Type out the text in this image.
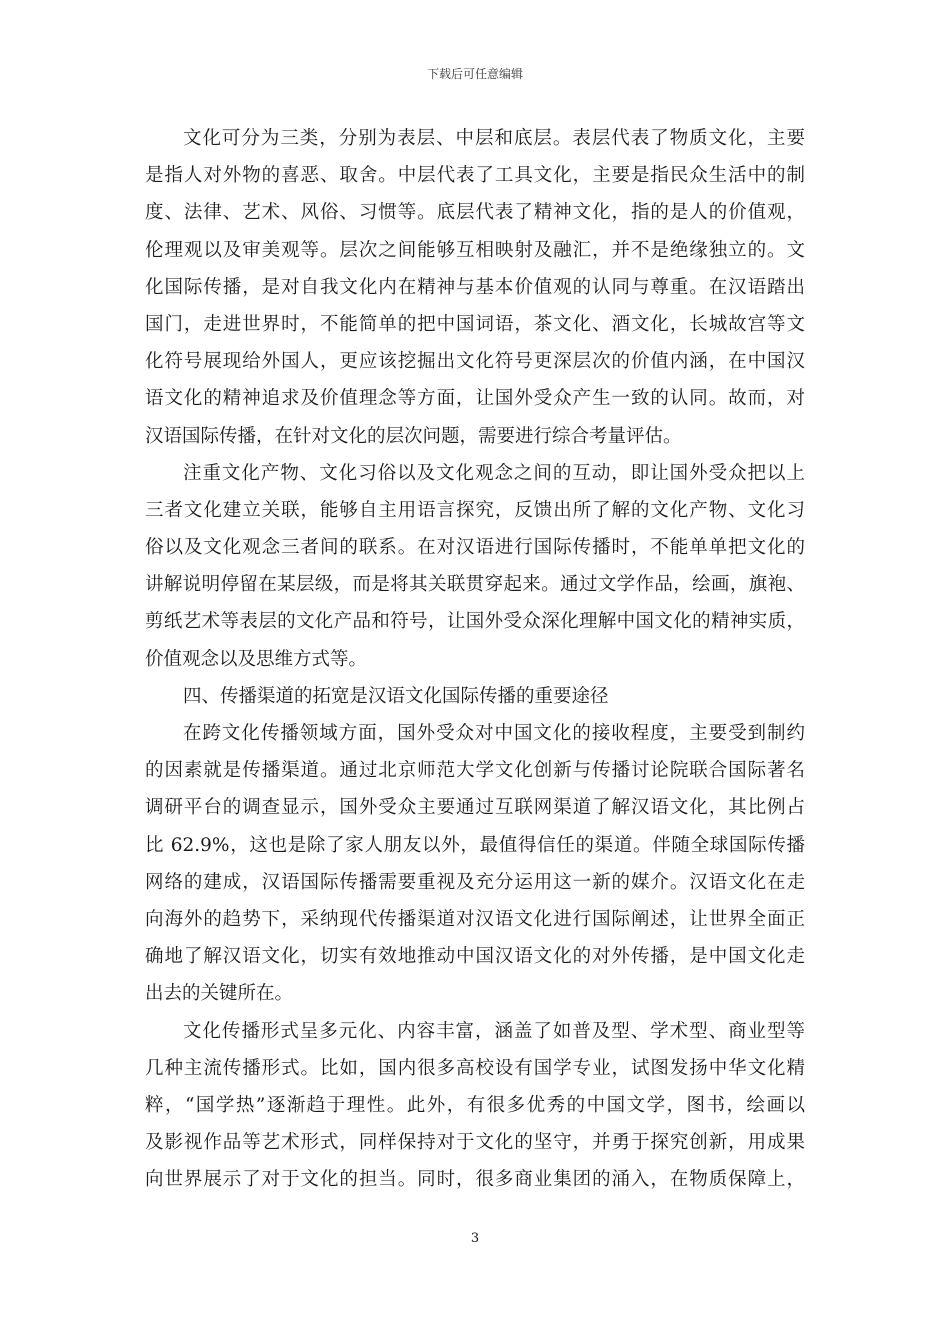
下载后可任意编辑
文化可分为三类，分别为表层、中层和底层。表层代表了物质文化，主要
是指人对外物的喜恶、取舍。中层代表了工具文化，主要是指民众生活中的制
度、法律、艺术、风俗、习惯等。底层代表了精神文化，指的是人的价值观，
伦理观以及审美观等。层次之间能够互相映射及融汇，并不是绝缘独立的。文
化国际传播，是对自我文化内在精神与基本价值观的认同与尊重。在汉语踏出
国门，走进世界时，不能简单的把中国词语，茶文化、酒文化，长城故宫等文
化符号展现给外国人，更应该挖掘出文化符号更深层次的价值内涵，在中国汉
语文化的精神追求及价值理念等方面，让国外受众产生一致的认同。故而，对
汉语国际传播，在针对文化的层次问题，需要进行综合考量评估。
注重文化产物、文化习俗以及文化观念之间的互动，即让国外受众把以上
三者文化建立关联，能够自主用语言探究，反馈出所了解的文化产物、文化习
俗以及文化观念三者间的联系。在对汉语进行国际传播时，不能单单把文化的
讲解说明停留在某层级，而是将其关联贯穿起来。通过文学作品，绘画，旗袍、
剪纸艺术等表层的文化产品和符号，让国外受众深化理解中国文化的精神实质，
价值观念以及思维方式等。
四、传播渠道的拓宽是汉语文化国际传播的重要途径
在跨文化传播领域方面，国外受众对中国文化的接收程度，主要受到制约
的因素就是传播渠道。通过北京师范大学文化创新与传播讨论院联合国际著名
调研平台的调查显示，国外受众主要通过互联网渠道了解汉语文化，其比例占
比 62.9%，这也是除了家人朋友以外，最值得信任的渠道。伴随全球国际传播
网络的建成，汉语国际传播需要重视及充分运用这一新的媒介。汉语文化在走
向海外的趋势下，采纳现代传播渠道对汉语文化进行国际阐述，让世界全面正
确地了解汉语文化，切实有效地推动中国汉语文化的对外传播，是中国文化走
出去的关键所在。
文化传播形式呈多元化、内容丰富，涵盖了如普及型、学术型、商业型等
几种主流传播形式。比如，国内很多高校设有国学专业，试图发扬中华文化精
粹，“国学热”逐渐趋于理性。此外，有很多优秀的中国文学，图书，绘画以
及影视作品等艺术形式，同样保持对于文化的坚守，并勇于探究创新，用成果
向世界展示了对于文化的担当。同时，很多商业集团的涌入，在物质保障上，
3
